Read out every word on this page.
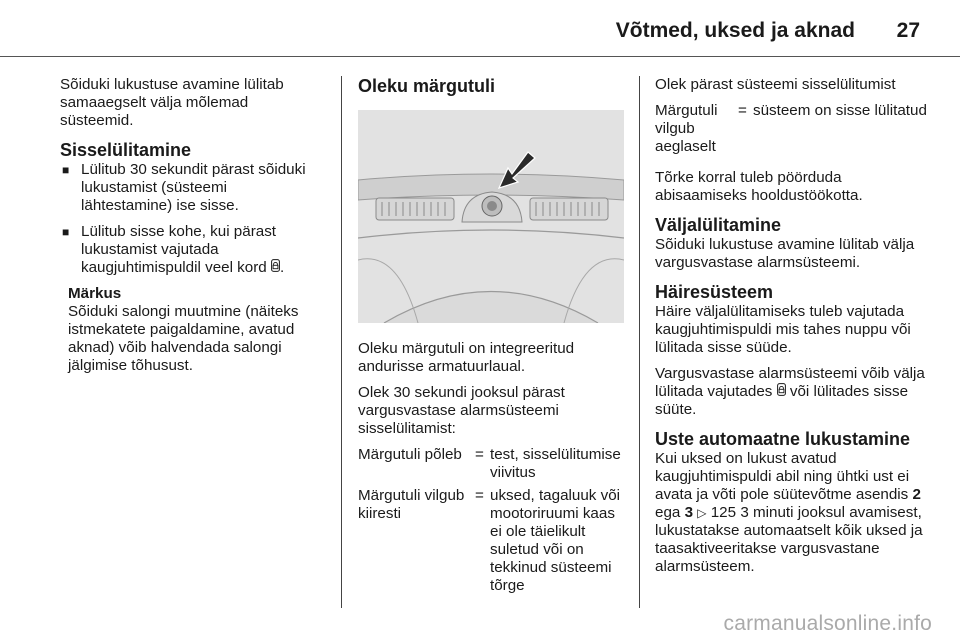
Võtmed, uksed ja aknad 27

Sõiduki lukustuse avamine lülitab samaaegselt välja mõlemad süsteemid.

Sisselülitamine
■ Lülitub 30 sekundit pärast sõiduki lukustamist (süsteemi lähtestamine) ise sisse.
■ Lülitub sisse kohe, kui pärast lukustamist vajutada kaugjuhtimispuldil veel kord .
Märkus
Sõiduki salongi muutmine (näiteks istmekatete paigaldamine, avatud aknad) võib halvendada salongi jälgimise tõhusust.
Oleku märgutuli

Oleku märgutuli on integreeritud andurisse armatuurlaual.

Olek 30 sekundi jooksul pärast vargusvastase alarmsüsteemi sisselülitamist:

Märgutuli põleb = test, sisselülitumise viivitus
Märgutuli vilgub kiiresti
= uksed, tagaluuk või mootoriruumi kaas ei ole täielikult suletud või on tekkinud süsteemi tõrge

Olek pärast süsteemi sisselülitumist

Märgutuli vilgub aeglaselt
= süsteem on sisse lülitatud

Tõrke korral tuleb pöörduda abisaamiseks hooldustöökotta.

Väljalülitamine

Sõiduki lukustuse avamine lülitab välja vargusvastase alarmsüsteemi.

Häiresüsteem

Häire väljalülitamiseks tuleb vajutada kaugjuhtimispuldi mis tahes nuppu või lülitada sisse süüde.

Vargusvastase alarmsüsteemi võib välja lülitada vajutades või lülitades sisse süüte.

Uste automaatne lukustamine

Kui uksed on lukust avatud kaugjuhtimispuldi abil ning ühtki ust ei avata ja võti pole süütevõtme asendis 2 ega 3 ▷ 125 3 minuti jooksul avamisest, lukustatakse automaatselt kõik uksed ja taasaktiveeritakse vargusvastane alarmsüsteem.

carmanualsonline.info
